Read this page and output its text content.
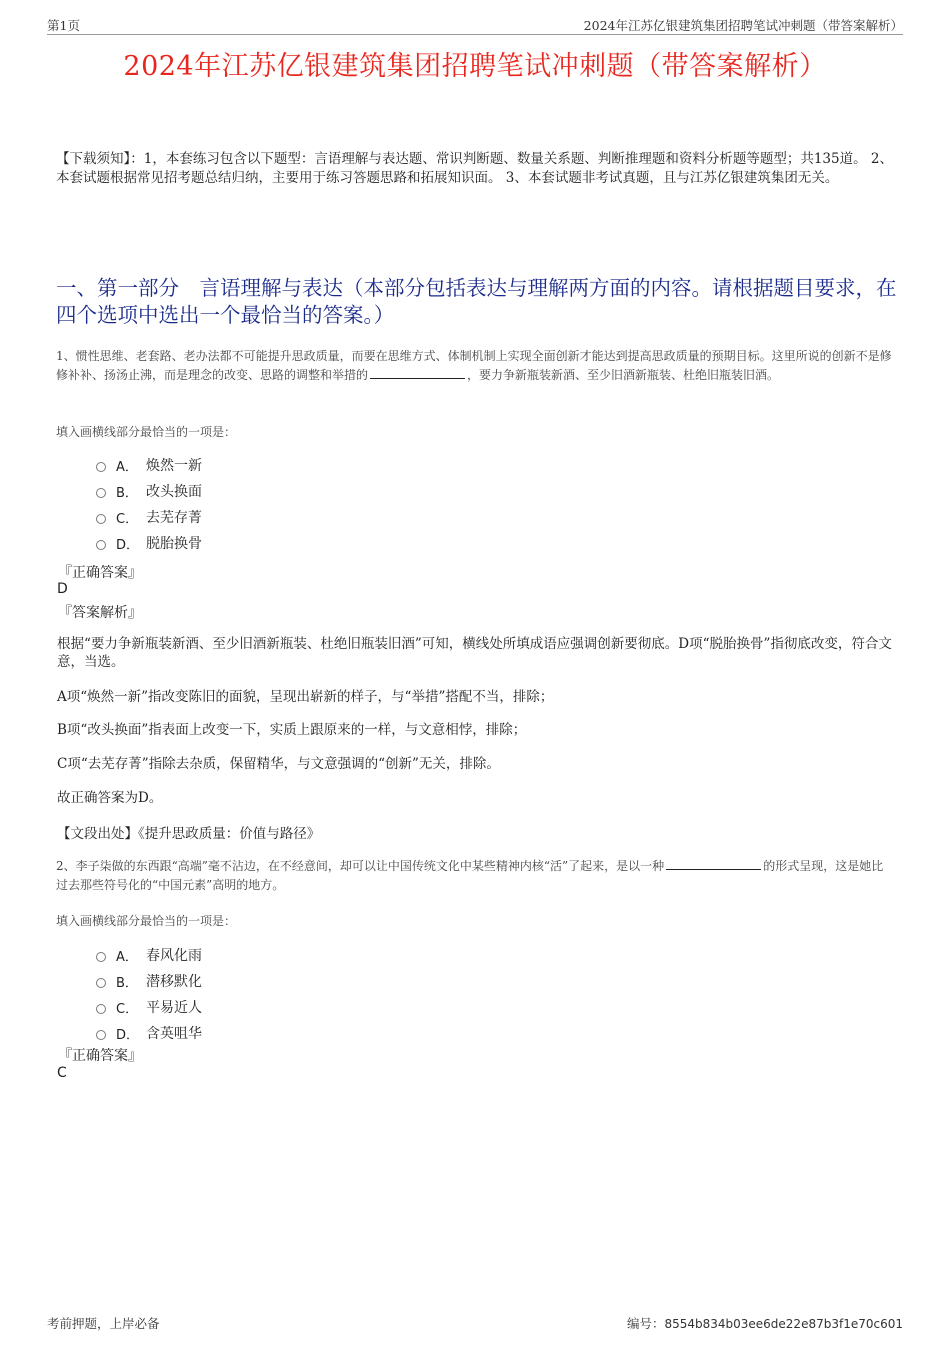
第1页	2024年江苏亿银建筑集团招聘笔试冲刺题（带答案解析）
2024年江苏亿银建筑集团招聘笔试冲刺题（带答案解析）
【下载须知】：1，本套练习包含以下题型：言语理解与表达题、常识判断题、数量关系题、判断推理题和资料分析题等题型；共135道。 2、本套试题根据常见招考题总结归纳，主要用于练习答题思路和拓展知识面。 3、本套试题非考试真题，且与江苏亿银建筑集团无关。
一、第一部分　言语理解与表达（本部分包括表达与理解两方面的内容。请根据题目要求，在四个选项中选出一个最恰当的答案。）
1、惯性思维、老套路、老办法都不可能提升思政质量，而要在思维方式、体制机制上实现全面创新才能达到提高思政质量的预期目标。这里所说的创新不是修修补补、扬汤止沸，而是理念的改变、思路的调整和举措的	，要力争新瓶装新酒、至少旧酒新瓶装、杜绝旧瓶装旧酒。
填入画横线部分最恰当的一项是：
A． 焕然一新
B． 改头换面
C． 去芜存菁
D． 脱胎换骨
『正确答案』
D
『答案解析』
根据“要力争新瓶装新酒、至少旧酒新瓶装、杜绝旧瓶装旧酒”可知，横线处所填成语应强调创新要彻底。D项“脱胎换骨”指彻底改变，符合文意，当选。
A项“焕然一新”指改变陈旧的面貌，呈现出崭新的样子，与“举措”搭配不当，排除；
B项“改头换面”指表面上改变一下，实质上跟原来的一样，与文意相悖，排除；
C项“去芜存菁”指除去杂质，保留精华，与文意强调的“创新”无关，排除。
故正确答案为D。
【文段出处】《提升思政质量：价值与路径》
2、李子柒做的东西跟“高端”毫不沾边，在不经意间，却可以让中国传统文化中某些精神内核“活”了起来，是以一种	的形式呈现，这是她比过去那些符号化的“中国元素”高明的地方。
填入画横线部分最恰当的一项是：
A． 春风化雨
B． 潜移默化
C． 平易近人
D． 含英咀华
『正确答案』
C
考前押题，上岸必备	编号：8554b834b03ee6de22e87b3f1e70c601
